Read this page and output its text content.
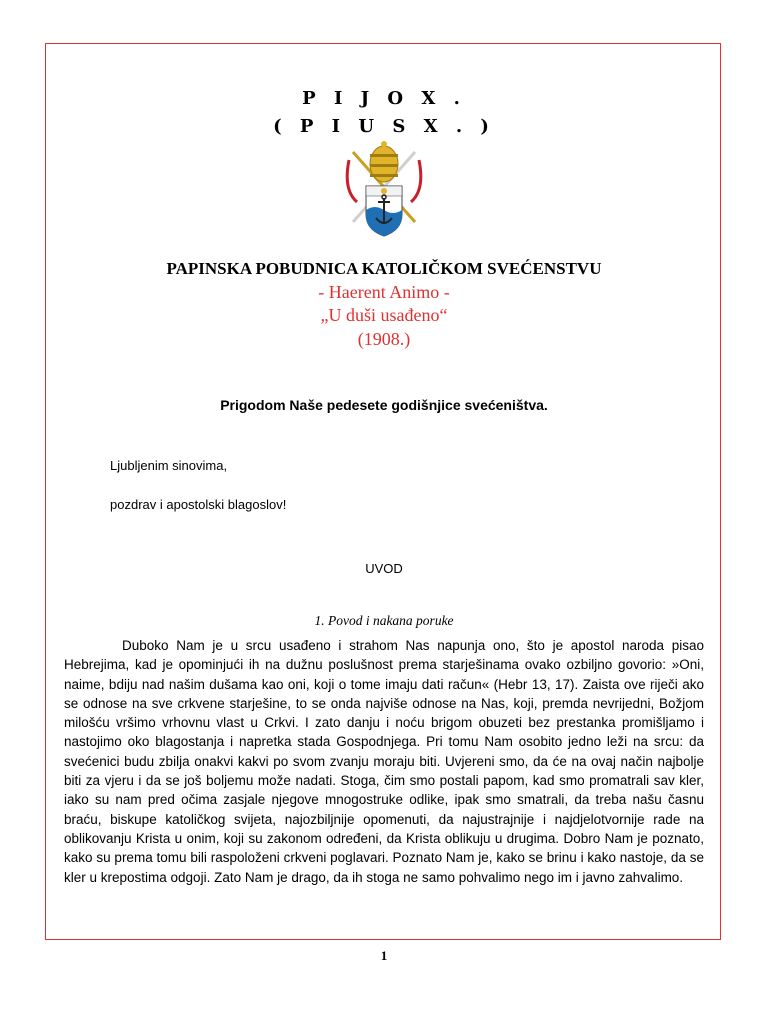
P I J O X .
( P I U S X . )
PAPINSKA POBUDNICA KATOLIČKOM SVEĆENSTVU
- Haerent Animo -
„U duši usađeno“
(1908.)
Prigodom Naše pedesete godišnjice svećeništva.
Ljubljenim sinovima,
pozdrav i apostolski blagoslov!
UVOD
1. Povod i nakana poruke

Duboko Nam je u srcu usađeno i strahom Nas napunja ono, što je apostol naroda pisao Hebrejima, kad je opominjući ih na dužnu poslušnost prema starješinama ovako ozbiljno govorio: »Oni, naime, bdiju nad našim dušama kao oni, koji o tome imaju dati račun« (Hebr 13, 17). Zaista ove riječi ako se odnose na sve crkvene starješine, to se onda najviše odnose na Nas, koji, premda nevrijedni, Božjom milošću vršimo vrhovnu vlast u Crkvi. I zato danju i noću brigom obuzeti bez prestanka promišljamo i nastojimo oko blagostanja i napretka stada Gospodnjega. Pri tomu Nam osobito jedno leži na srcu: da svećenici budu zbilja onakvi kakvi po svom zvanju moraju biti. Uvjereni smo, da će na ovaj način najbolje biti za vjeru i da se još boljemu može nadati. Stoga, čim smo postali papom, kad smo promatrali sav kler, iako su nam pred očima zasjale njegove mnogostruke odlike, ipak smo smatrali, da treba našu časnu braću, biskupe katoličkog svijeta, najozbiljnije opomenuti, da najustrajnije i najdjelotvornije rade na oblikovanju Krista u onim, koji su zakonom određeni, da Krista oblikuju u drugima. Dobro Nam je poznato, kako su prema tomu bili raspoloženi crkveni poglavari. Poznato Nam je, kako se brinu i kako nastoje, da se kler u krepostima odgoji. Zato Nam je drago, da ih stoga ne samo pohvalimo nego im i javno zahvalimo.

1
